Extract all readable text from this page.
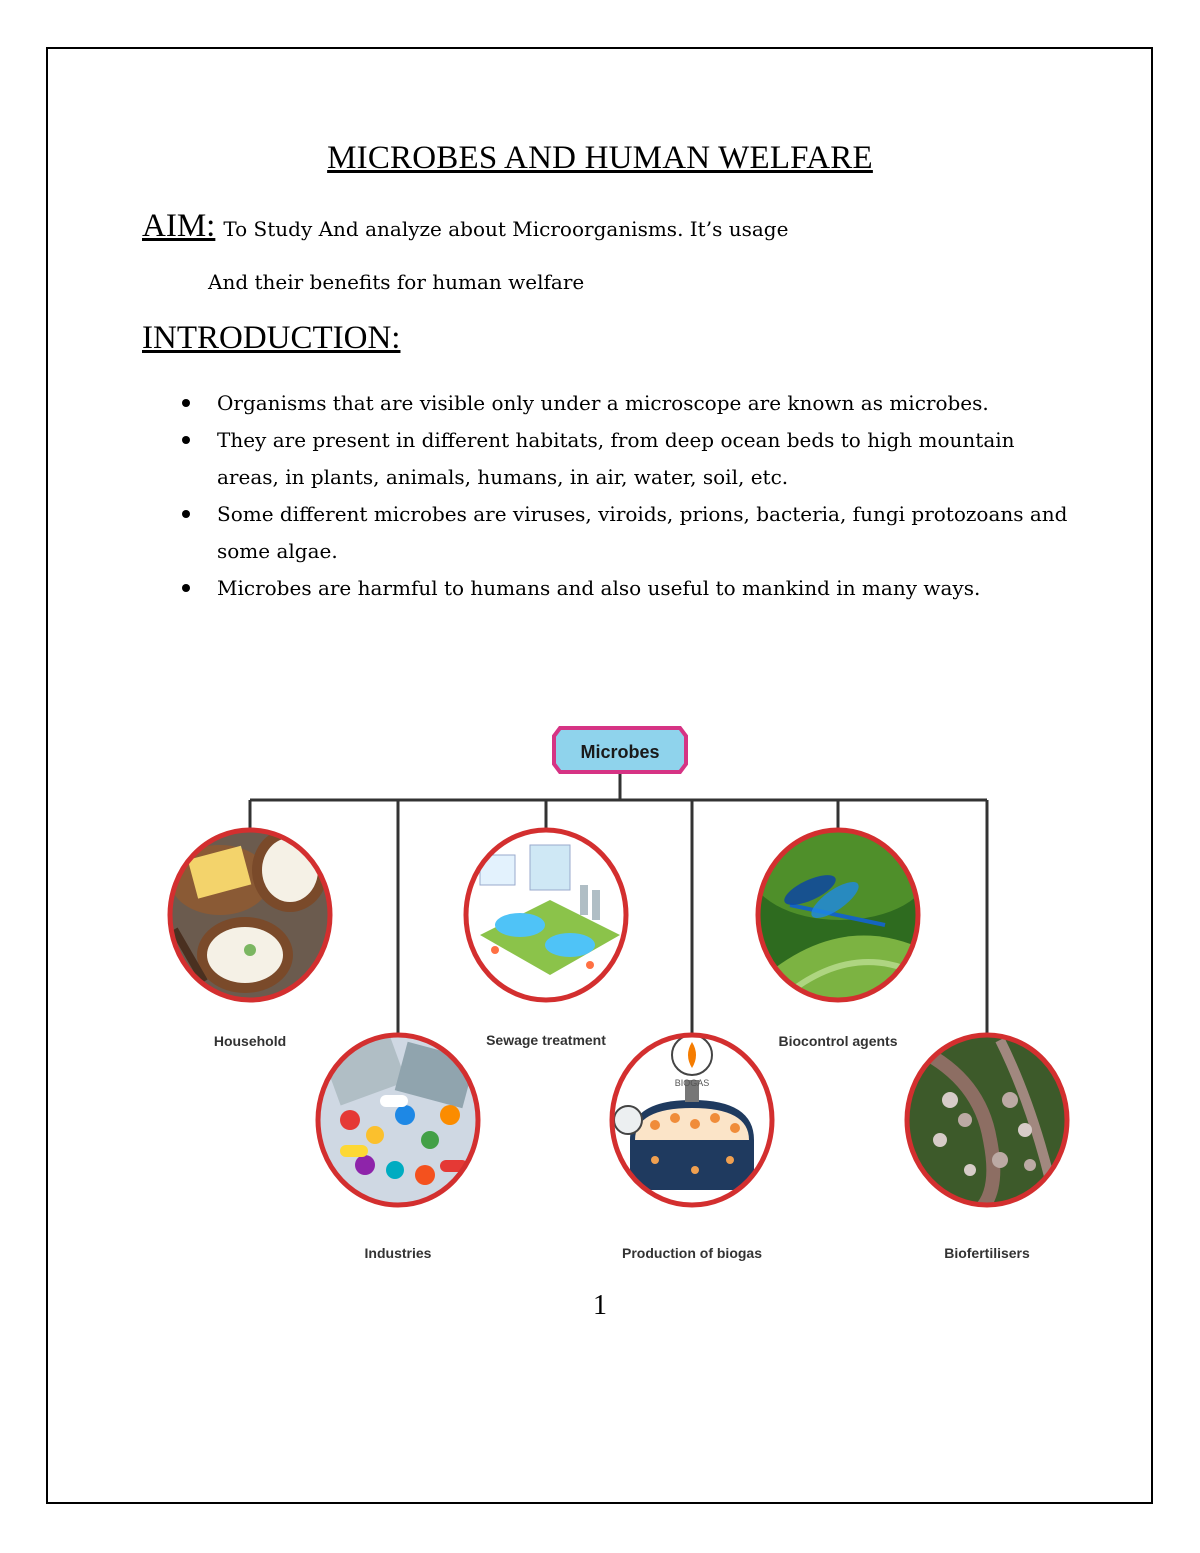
MICROBES AND HUMAN WELFARE
AIM: To Study And analyze about Microorganisms. It’s usage
And their benefits for human welfare
INTRODUCTION:
Organisms that are visible only under a microscope are known as microbes.
They are present in different habitats, from deep ocean beds to high mountain areas, in plants, animals, humans, in air, water, soil, etc.
Some different microbes are viruses, viroids, prions, bacteria, fungi protozoans and some algae.
Microbes are harmful to humans and also useful to mankind in many ways.
Microbes
Household
Industries
Sewage treatment
BIOGAS
Production of biogas
Biocontrol agents
Biofertilisers
1
